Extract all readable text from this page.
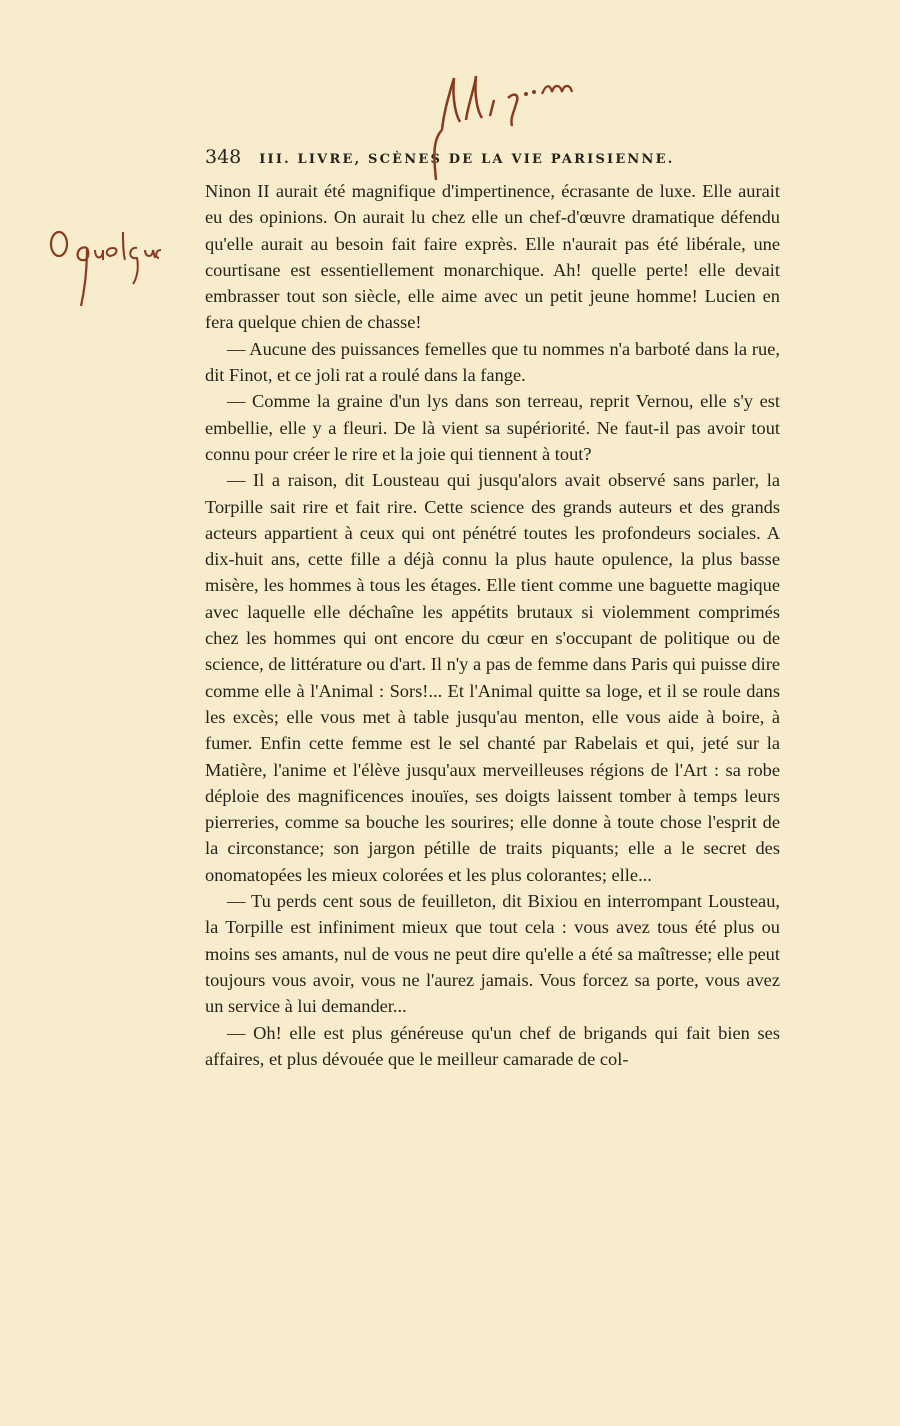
348 III. LIVRE, SCÈNES DE LA VIE PARISIENNE.

Ninon II aurait été magnifique d'impertinence, écrasante de luxe. Elle aurait eu des opinions. On aurait lu chez elle un chef-d'œuvre dramatique défendu qu'elle aurait au besoin fait faire exprès. Elle n'aurait pas été libérale, une courtisane est essentiellement monarchique. Ah! quelle perte! elle devait embrasser tout son siècle, elle aime avec un petit jeune homme! Lucien en fera quelque chien de chasse!

— Aucune des puissances femelles que tu nommes n'a barboté dans la rue, dit Finot, et ce joli rat a roulé dans la fange.

— Comme la graine d'un lys dans son terreau, reprit Vernou, elle s'y est embellie, elle y a fleuri. De là vient sa supériorité. Ne faut-il pas avoir tout connu pour créer le rire et la joie qui tiennent à tout?

— Il a raison, dit Lousteau qui jusqu'alors avait observé sans parler, la Torpille sait rire et fait rire. Cette science des grands auteurs et des grands acteurs appartient à ceux qui ont pénétré toutes les profondeurs sociales. A dix-huit ans, cette fille a déjà connu la plus haute opulence, la plus basse misère, les hommes à tous les étages. Elle tient comme une baguette magique avec laquelle elle déchaîne les appétits brutaux si violemment comprimés chez les hommes qui ont encore du cœur en s'occupant de politique ou de science, de littérature ou d'art. Il n'y a pas de femme dans Paris qui puisse dire comme elle à l'Animal : Sors!... Et l'Animal quitte sa loge, et il se roule dans les excès; elle vous met à table jusqu'au menton, elle vous aide à boire, à fumer. Enfin cette femme est le sel chanté par Rabelais et qui, jeté sur la Matière, l'anime et l'élève jusqu'aux merveilleuses régions de l'Art : sa robe déploie des magnificences inouïes, ses doigts laissent tomber à temps leurs pierreries, comme sa bouche les sourires; elle donne à toute chose l'esprit de la circonstance; son jargon pétille de traits piquants; elle a le secret des onomatopées les mieux colorées et les plus colorantes; elle...

— Tu perds cent sous de feuilleton, dit Bixiou en interrompant Lousteau, la Torpille est infiniment mieux que tout cela : vous avez tous été plus ou moins ses amants, nul de vous ne peut dire qu'elle a été sa maîtresse; elle peut toujours vous avoir, vous ne l'aurez jamais. Vous forcez sa porte, vous avez un service à lui demander...

— Oh! elle est plus généreuse qu'un chef de brigands qui fait bien ses affaires, et plus dévouée que le meilleur camarade de col-
